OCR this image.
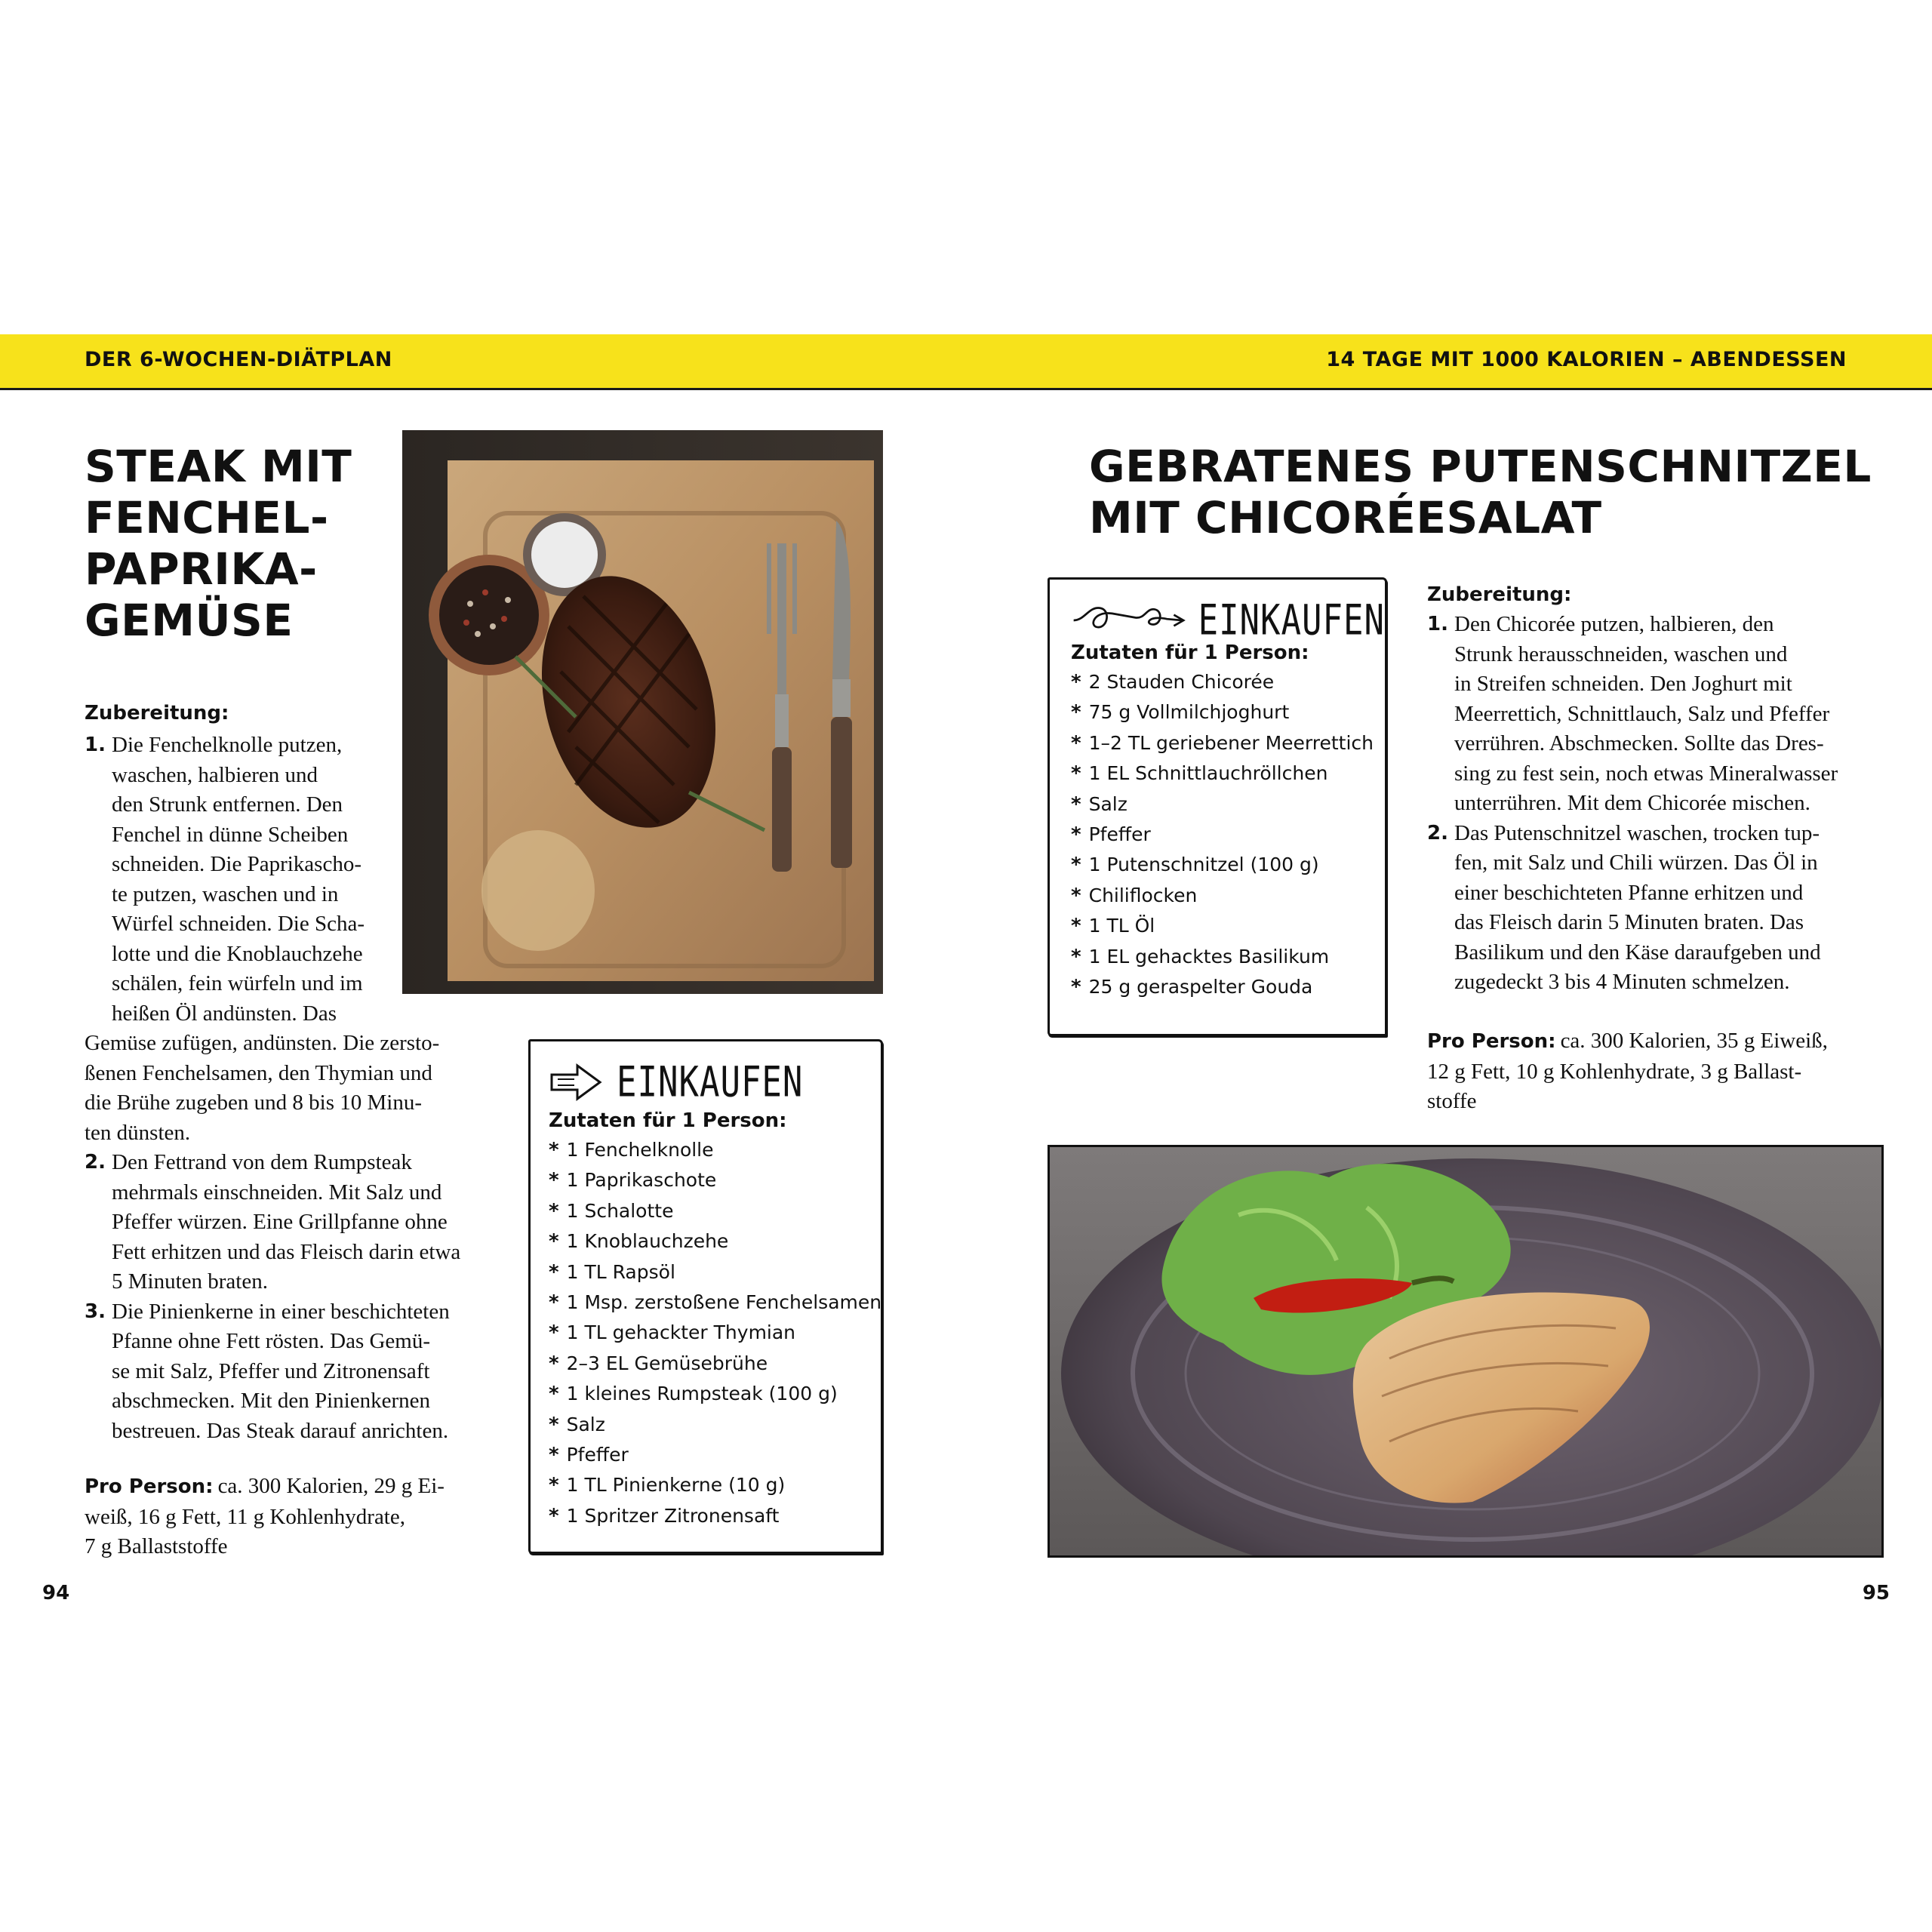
DER 6-WOCHEN-DIÄTPLAN	14 TAGE MIT 1000 KALORIEN – ABENDESSEN
STEAK MIT
FENCHEL-
PAPRIKA-
GEMÜSE
Zubereitung:
1. Die Fenchelknolle putzen,
waschen, halbieren und
den Strunk entfernen. Den
Fenchel in dünne Scheiben
schneiden. Die Paprikascho-
te putzen, waschen und in
Würfel schneiden. Die Scha-
lotte und die Knoblauchzehe
schälen, fein würfeln und im
heißen Öl andünsten. Das
Gemüse zufügen, andünsten. Die zersto-
ßenen Fenchelsamen, den Thymian und
die Brühe zugeben und 8 bis 10 Minu-
ten dünsten.
2. Den Fettrand von dem Rumpsteak
mehrmals einschneiden. Mit Salz und
Pfeffer würzen. Eine Grillpfanne ohne
Fett erhitzen und das Fleisch darin etwa
5 Minuten braten.
3. Die Pinienkerne in einer beschichteten
Pfanne ohne Fett rösten. Das Gemü-
se mit Salz, Pfeffer und Zitronensaft
abschmecken. Mit den Pinienkernen
bestreuen. Das Steak darauf anrichten.
Pro Person: ca. 300 Kalorien, 29 g Ei-
weiß, 16 g Fett, 11 g Kohlenhydrate,
7 g Ballaststoffe
EINKAUFEN
Zutaten für 1 Person:
* 1 Fenchelknolle
* 1 Paprikaschote
* 1 Schalotte
* 1 Knoblauchzehe
* 1 TL Rapsöl
* 1 Msp. zerstoßene Fenchelsamen
* 1 TL gehackter Thymian
* 2–3 EL Gemüsebrühe
* 1 kleines Rumpsteak (100 g)
* Salz
* Pfeffer
* 1 TL Pinienkerne (10 g)
* 1 Spritzer Zitronensaft
94
GEBRATENES PUTENSCHNITZEL
MIT CHICORÉESALAT
EINKAUFEN
Zutaten für 1 Person:
* 2 Stauden Chicorée
* 75 g Vollmilchjoghurt
* 1–2 TL geriebener Meerrettich
* 1 EL Schnittlauchröllchen
* Salz
* Pfeffer
* 1 Putenschnitzel (100 g)
* Chiliflocken
* 1 TL Öl
* 1 EL gehacktes Basilikum
* 25 g geraspelter Gouda
Zubereitung:
1. Den Chicorée putzen, halbieren, den
Strunk herausschneiden, waschen und
in Streifen schneiden. Den Joghurt mit
Meerrettich, Schnittlauch, Salz und Pfeffer
verrühren. Abschmecken. Sollte das Dres-
sing zu fest sein, noch etwas Mineralwasser
unterrühren. Mit dem Chicorée mischen.
2. Das Putenschnitzel waschen, trocken tup-
fen, mit Salz und Chili würzen. Das Öl in
einer beschichteten Pfanne erhitzen und
das Fleisch darin 5 Minuten braten. Das
Basilikum und den Käse daraufgeben und
zugedeckt 3 bis 4 Minuten schmelzen.
Pro Person: ca. 300 Kalorien, 35 g Eiweiß,
12 g Fett, 10 g Kohlenhydrate, 3 g Ballast-
stoffe
95
